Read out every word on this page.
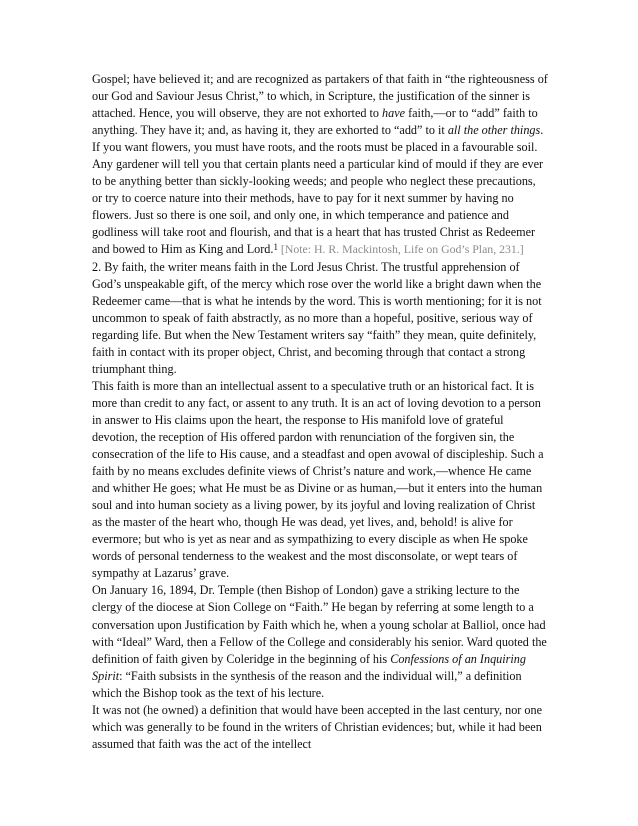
Gospel; have believed it; and are recognized as partakers of that faith in “the righteousness of our God and Saviour Jesus Christ,” to which, in Scripture, the justification of the sinner is attached. Hence, you will observe, they are not exhorted to have faith,—or to “add” faith to anything. They have it; and, as having it, they are exhorted to “add” to it all the other things.

If you want flowers, you must have roots, and the roots must be placed in a favourable soil. Any gardener will tell you that certain plants need a particular kind of mould if they are ever to be anything better than sickly-looking weeds; and people who neglect these precautions, or try to coerce nature into their methods, have to pay for it next summer by having no flowers. Just so there is one soil, and only one, in which temperance and patience and godliness will take root and flourish, and that is a heart that has trusted Christ as Redeemer and bowed to Him as King and Lord.$^1$ [Note: H. R. Mackintosh, Life on God’s Plan, 231.]

2. By faith, the writer means faith in the Lord Jesus Christ. The trustful apprehension of God’s unspeakable gift, of the mercy which rose over the world like a bright dawn when the Redeemer came—that is what he intends by the word. This is worth mentioning; for it is not uncommon to speak of faith abstractly, as no more than a hopeful, positive, serious way of regarding life. But when the New Testament writers say “faith” they mean, quite definitely, faith in contact with its proper object, Christ, and becoming through that contact a strong triumphant thing.

This faith is more than an intellectual assent to a speculative truth or an historical fact. It is more than credit to any fact, or assent to any truth. It is an act of loving devotion to a person in answer to His claims upon the heart, the response to His manifold love of grateful devotion, the reception of His offered pardon with renunciation of the forgiven sin, the consecration of the life to His cause, and a steadfast and open avowal of discipleship. Such a faith by no means excludes definite views of Christ’s nature and work,—whence He came and whither He goes; what He must be as Divine or as human,—but it enters into the human soul and into human society as a living power, by its joyful and loving realization of Christ as the master of the heart who, though He was dead, yet lives, and, behold! is alive for evermore; but who is yet as near and as sympathizing to every disciple as when He spoke words of personal tenderness to the weakest and the most disconsolate, or wept tears of sympathy at Lazarus’ grave.

On January 16, 1894, Dr. Temple (then Bishop of London) gave a striking lecture to the clergy of the diocese at Sion College on “Faith.” He began by referring at some length to a conversation upon Justification by Faith which he, when a young scholar at Balliol, once had with “Ideal” Ward, then a Fellow of the College and considerably his senior. Ward quoted the definition of faith given by Coleridge in the beginning of his Confessions of an Inquiring Spirit: “Faith subsists in the synthesis of the reason and the individual will,” a definition which the Bishop took as the text of his lecture.

It was not (he owned) a definition that would have been accepted in the last century, nor one which was generally to be found in the writers of Christian evidences; but, while it had been assumed that faith was the act of the intellect
